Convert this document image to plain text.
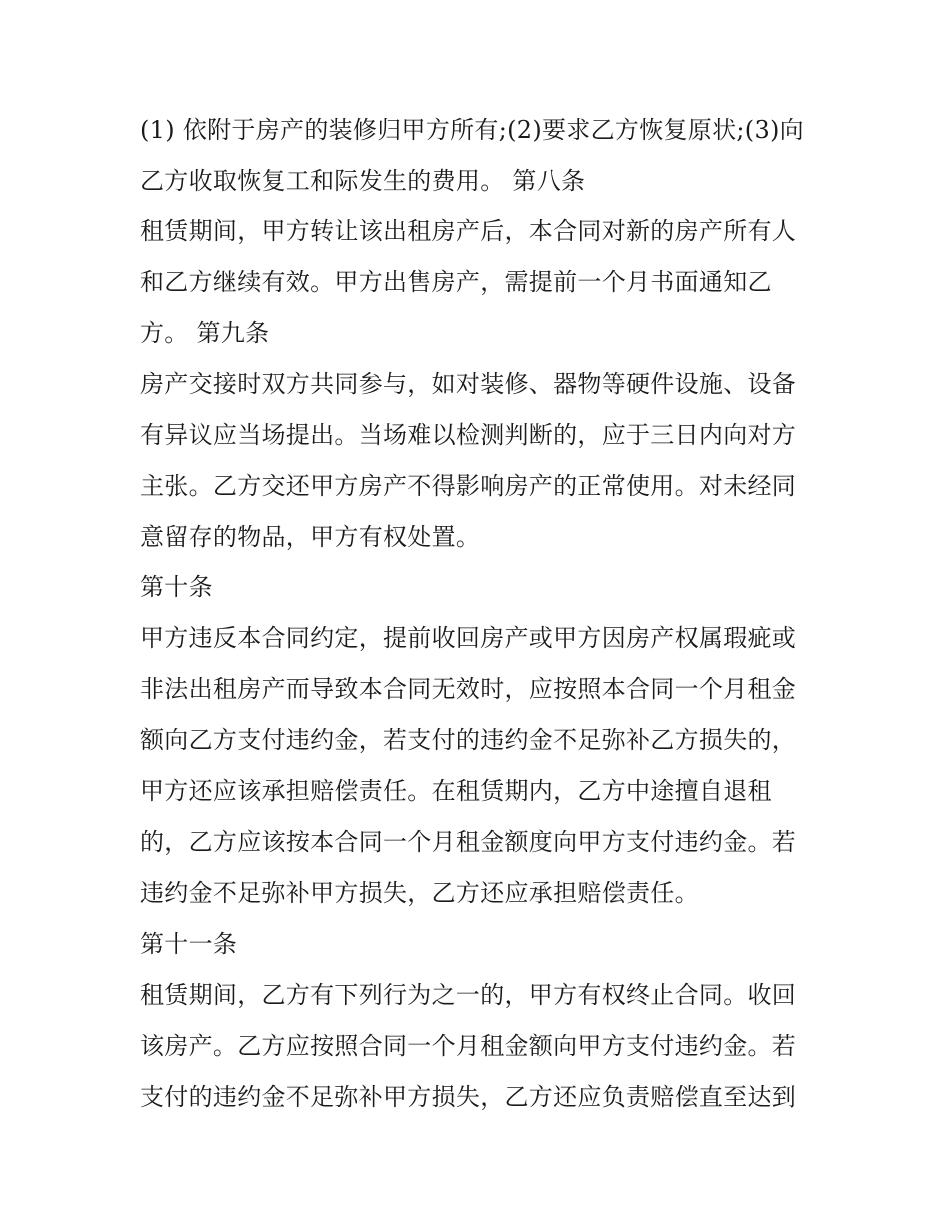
(1) 依附于房产的装修归甲方所有;(2)要求乙方恢复原状;(3)向
乙方收取恢复工和际发生的费用。 第八条
租赁期间，甲方转让该出租房产后，本合同对新的房产所有人
和乙方继续有效。甲方出售房产，需提前一个月书面通知乙
方。 第九条
房产交接时双方共同参与，如对装修、器物等硬件设施、设备
有异议应当场提出。当场难以检测判断的，应于三日内向对方
主张。乙方交还甲方房产不得影响房产的正常使用。对未经同
意留存的物品，甲方有权处置。
第十条
甲方违反本合同约定，提前收回房产或甲方因房产权属瑕疵或
非法出租房产而导致本合同无效时，应按照本合同一个月租金
额向乙方支付违约金，若支付的违约金不足弥补乙方损失的，
甲方还应该承担赔偿责任。在租赁期内，乙方中途擅自退租
的，乙方应该按本合同一个月租金额度向甲方支付违约金。若
违约金不足弥补甲方损失，乙方还应承担赔偿责任。
第十一条
租赁期间，乙方有下列行为之一的，甲方有权终止合同。收回
该房产。乙方应按照合同一个月租金额向甲方支付违约金。若
支付的违约金不足弥补甲方损失，乙方还应负责赔偿直至达到
